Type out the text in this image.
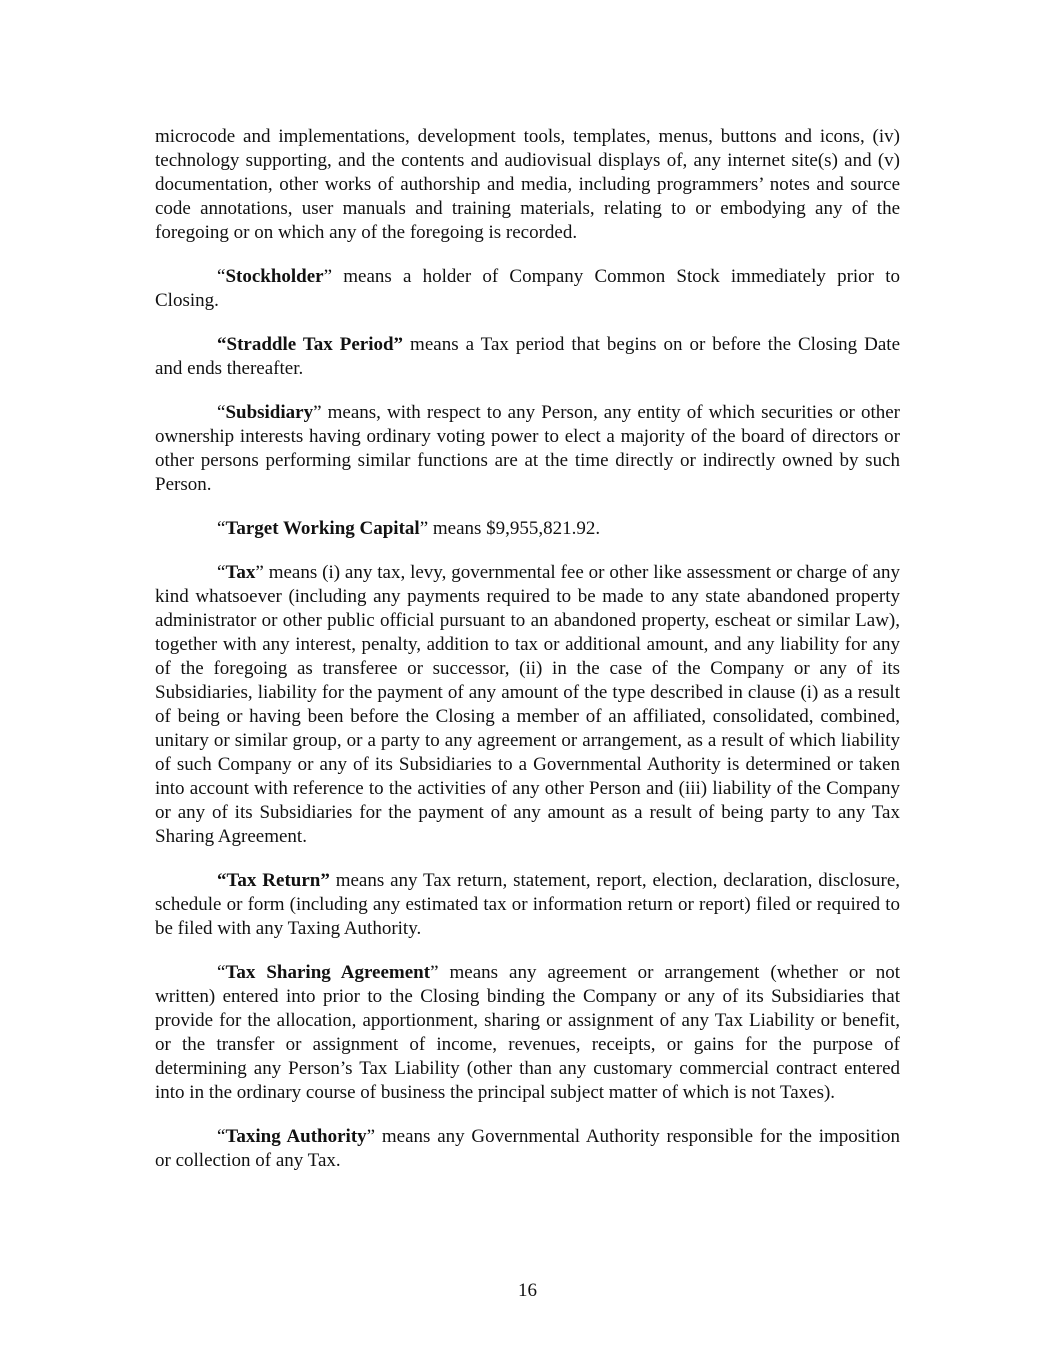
microcode and implementations, development tools, templates, menus, buttons and icons, (iv) technology supporting, and the contents and audiovisual displays of, any internet site(s) and (v) documentation, other works of authorship and media, including programmers’ notes and source code annotations, user manuals and training materials, relating to or embodying any of the foregoing or on which any of the foregoing is recorded.

“Stockholder” means a holder of Company Common Stock immediately prior to Closing.

“Straddle Tax Period” means a Tax period that begins on or before the Closing Date and ends thereafter.

“Subsidiary” means, with respect to any Person, any entity of which securities or other ownership interests having ordinary voting power to elect a majority of the board of directors or other persons performing similar functions are at the time directly or indirectly owned by such Person.

“Target Working Capital” means $9,955,821.92.

“Tax” means (i) any tax, levy, governmental fee or other like assessment or charge of any kind whatsoever (including any payments required to be made to any state abandoned property administrator or other public official pursuant to an abandoned property, escheat or similar Law), together with any interest, penalty, addition to tax or additional amount, and any liability for any of the foregoing as transferee or successor, (ii) in the case of the Company or any of its Subsidiaries, liability for the payment of any amount of the type described in clause (i) as a result of being or having been before the Closing a member of an affiliated, consolidated, combined, unitary or similar group, or a party to any agreement or arrangement, as a result of which liability of such Company or any of its Subsidiaries to a Governmental Authority is determined or taken into account with reference to the activities of any other Person and (iii) liability of the Company or any of its Subsidiaries for the payment of any amount as a result of being party to any Tax Sharing Agreement.

“Tax Return” means any Tax return, statement, report, election, declaration, disclosure, schedule or form (including any estimated tax or information return or report) filed or required to be filed with any Taxing Authority.

“Tax Sharing Agreement” means any agreement or arrangement (whether or not written) entered into prior to the Closing binding the Company or any of its Subsidiaries that provide for the allocation, apportionment, sharing or assignment of any Tax Liability or benefit, or the transfer or assignment of income, revenues, receipts, or gains for the purpose of determining any Person’s Tax Liability (other than any customary commercial contract entered into in the ordinary course of business the principal subject matter of which is not Taxes).

“Taxing Authority” means any Governmental Authority responsible for the imposition or collection of any Tax.

16
